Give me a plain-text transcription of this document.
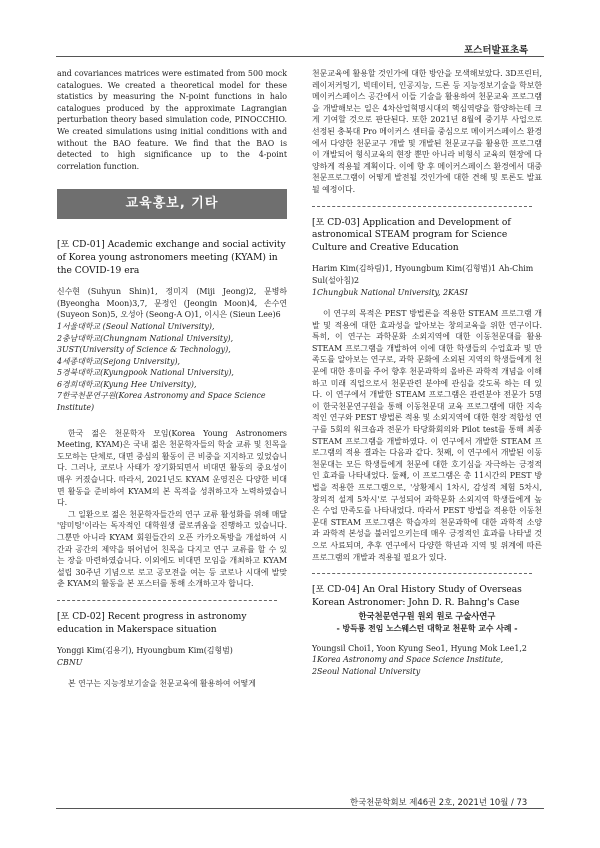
포스터발표초록

and covariances matrices were estimated from 500 mock catalogues. We created a theoretical model for these statistics by measuring the N-point functions in halo catalogues produced by the approximate Lagrangian perturbation theory based simulation code, PINOCCHIO. We created simulations using initial conditions with and without the BAO feature. We find that the BAO is detected to high significance up to the 4-point correlation function.

교육홍보, 기타

[포 CD-01] Academic exchange and social activity of Korea young astronomers meeting (KYAM) in the COVID-19 era

신수현 (Suhyun Shin)1, 정미지 (Miji Jeong)2, 문병하 (Byeongha Moon)3,7, 문정인 (Jeongin Moon)4, 손수연 (Suyeon Son)5, 오성아 (Seong-A O)1, 이시은 (Sieun Lee)6

1서울대학교 (Seoul National University),

2충남대학교(Chungnam National University),

3UST(University of Science & Technology),

4세종대학교(Sejong University),

5경북대학교(Kyungpook National University),

6경희대학교(Kyung Hee University),

7한국천문연구원(Korea Astronomy and Space Science Institute)

한국 젊은 천문학자 모임(Korea Young Astronomers Meeting, KYAM)은 국내 젊은 천문학자들의 학술 교류 및 친목을 도모하는 단체로, 대면 중심의 활동이 큰 비중을 지지하고 있었습니다. 그러나, 코로나 사태가 장기화되면서 비대면 활동의 중요성이 매우 커졌습니다. 따라서, 2021년도 KYAM 운영진은 다양한 비대면 활동을 준비하여 KYAM의 본 목적을 성취하고자 노력하였습니다.

그 일환으로 젊은 천문학자들간의 연구 교류 활성화를 위해 매달 '얌미팅'이라는 독자적인 대학원생 콜로퀴움을 진행하고 있습니다. 그뿐만 아니라 KYAM 회원들간의 오픈 카카오톡방을 개설하여 시간과 공간의 제약을 뛰어넘어 친목을 다지고 연구 교류를 할 수 있는 장을 마련하였습니다. 이외에도 비대면 모임을 개최하고 KYAM 설립 30주년 기념으로 로고 공모전을 여는 등 코로나 시대에 발맞춘 KYAM의 활동을 본 포스터를 통해 소개하고자 합니다.

[포 CD-02] Recent progress in astronomy education in Makerspace situation

Yonggi Kim(김용기), Hyoungbum Kim(김형범)

CBNU

본 연구는 지능정보기술을 천문교육에 활용하여 어떻게

천문교육에 활용할 것인가에 대한 방안을 모색해보았다. 3D프린터, 레이저커팅기, 빅데이터, 인공지능, 드론 등 지능정보기술을 학보한 메이커스페이스 공간에서 이들 기술을 활용하여 천문교육 프로그램을 개발해보는 일은 4차산업혁명시대의 핵심역량을 함양하는데 크게 기여할 것으로 판단된다. 또한 2021년 8월에 중기부 사업으로 선정된 충북대 Pro 메이커스 센터를 중심으로 메이커스페이스 환경에서 다양한 천문교구 개발 및 개발된 천문교구를 활용한 프로그램이 개발되어 형식교육의 현장 뿐만 아니라 비형식 교육의 현장에 다양하게 적용될 계획이다. 이에 향 후 메이커스페이스 환경에서 대중천문프로그램이 어떻게 발전될 것인가에 대한 견해 및 토론도 발표될 예정이다.

[포 CD-03] Application and Development of astronomical STEAM program for Science Culture and Creative Education

Harim Kim(김하림)1, Hyoungbum Kim(김형범)1 Ah-Chim Sul(설아침)2

1Chungbuk National University, 2KASI

이 연구의 목적은 PEST 방법론을 적용한 STEAM 프로그램 개발 및 적용에 대한 효과성을 알아보는 창의교육을 위한 연구이다. 특히, 이 연구는 과학문화 소외지역에 대한 이동천문대를 활용 STEAM 프로그램을 개발하여 이에 대한 학생들의 수업효과 및 만족도를 알아보는 연구로, 과학 문화에 소외된 지역의 학생들에게 천문에 대한 흥미를 주어 향후 천문과학의 올바른 과학적 개념을 이해하고 미래 직업으로서 천문관련 분야에 관심을 갖도록 하는 데 있다. 이 연구에서 개발한 STEAM 프로그램은 관련분야 전문가 5명이 한국천문연구원을 통해 이동천문대 교육 프로그램에 대한 지속적인 연구와 PEST 방법론 적용 및 소외지역에 대한 현장 적합성 연구를 5회의 워크숍과 전문가 타당화회의와 Pilot test를 통해 최종 STEAM 프로그램을 개발하였다. 이 연구에서 개발한 STEAM 프로그램의 적용 결과는 다음과 같다. 첫째, 이 연구에서 개발된 이동천문대는 모든 학생들에게 천문에 대한 호기심을 자극하는 긍정적인 효과를 나타내었다. 둘째, 이 프로그램은 총 11시간의 PEST 방법을 적용한 프로그램으로, '상황제시 1차시, 감성적 체험 5차시, 창의적 설계 5차시'로 구성되어 과학문화 소외지역 학생들에게 높은 수업 만족도를 나타내었다. 따라서 PEST 방법을 적용한 이동천문대 STEAM 프로그램은 학습자의 천문과학에 대한 과학적 소양과 과학적 본성을 불러일으키는데 매우 긍정적인 효과를 나타낼 것으로 사료되며, 추후 연구에서 다양한 학년과 지역 및 위계에 따른 프로그램의 개발과 적용될 필요가 있다.

[포 CD-04] An Oral History Study of Overseas Korean Astronomer: John D. R. Bahng's Case

한국천문연구원 원외 원로 구술사연구

- 방득룡 전임 노스웨스턴 대학교 천문학 교수 사례 -

Youngsil Choi1, Yoon Kyung Seo1, Hyung Mok Lee1,2

1Korea Astronomy and Space Science Institute,

2Seoul National University

한국천문학회보 제46권 2호, 2021년 10월 / 73
